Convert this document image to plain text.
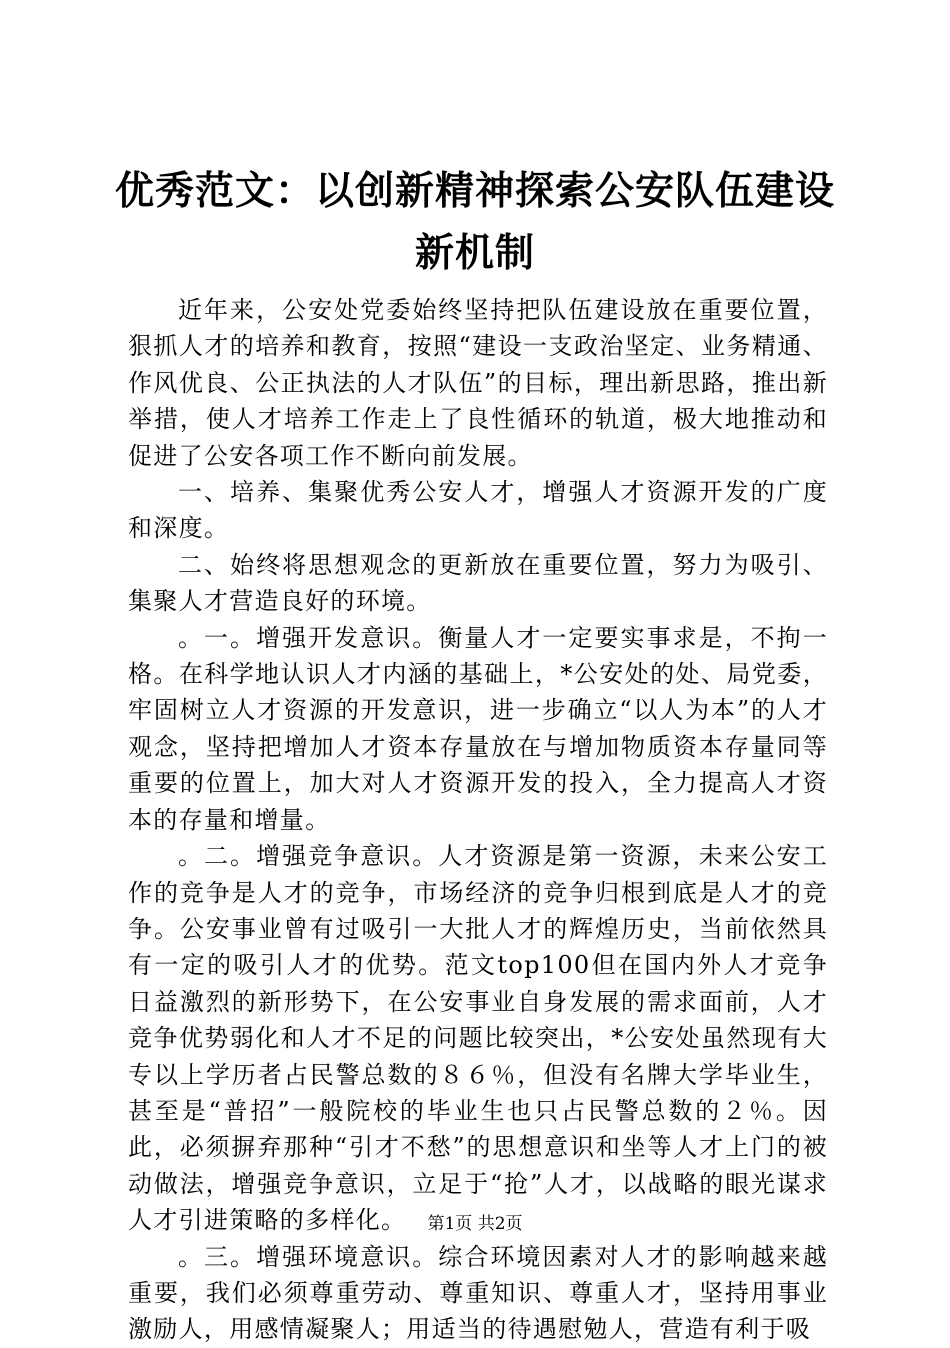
优秀范文：以创新精神探索公安队伍建设新机制

近年来，公安处党委始终坚持把队伍建设放在重要位置，狠抓人才的培养和教育，按照“建设一支政治坚定、业务精通、作风优良、公正执法的人才队伍”的目标，理出新思路，推出新举措，使人才培养工作走上了良性循环的轨道，极大地推动和促进了公安各项工作不断向前发展。

一、培养、集聚优秀公安人才，增强人才资源开发的广度和深度。

二、始终将思想观念的更新放在重要位置，努力为吸引、集聚人才营造良好的环境。

。一。增强开发意识。衡量人才一定要实事求是，不拘一格。在科学地认识人才内涵的基础上，*公安处的处、局党委，牢固树立人才资源的开发意识，进一步确立“以人为本”的人才观念，坚持把增加人才资本存量放在与增加物质资本存量同等重要的位置上，加大对人才资源开发的投入，全力提高人才资本的存量和增量。

。二。增强竞争意识。人才资源是第一资源，未来公安工作的竞争是人才的竞争，市场经济的竞争归根到底是人才的竞争。公安事业曾有过吸引一大批人才的辉煌历史，当前依然具有一定的吸引人才的优势。范文top100但在国内外人才竞争日益激烈的新形势下，在公安事业自身发展的需求面前，人才竞争优势弱化和人才不足的问题比较突出，*公安处虽然现有大专以上学历者占民警总数的８６％，但没有名牌大学毕业生，甚至是“普招”一般院校的毕业生也只占民警总数的２％。因此，必须摒弃那种“引才不愁”的思想意识和坐等人才上门的被动做法，增强竞争意识，立足于“抢”人才，以战略的眼光谋求人才引进策略的多样化。

。三。增强环境意识。综合环境因素对人才的影响越来越重要，我们必须尊重劳动、尊重知识、尊重人才，坚持用事业激励人，用感情凝聚人；用适当的待遇慰勉人，营造有利于吸

第1页 共2页
